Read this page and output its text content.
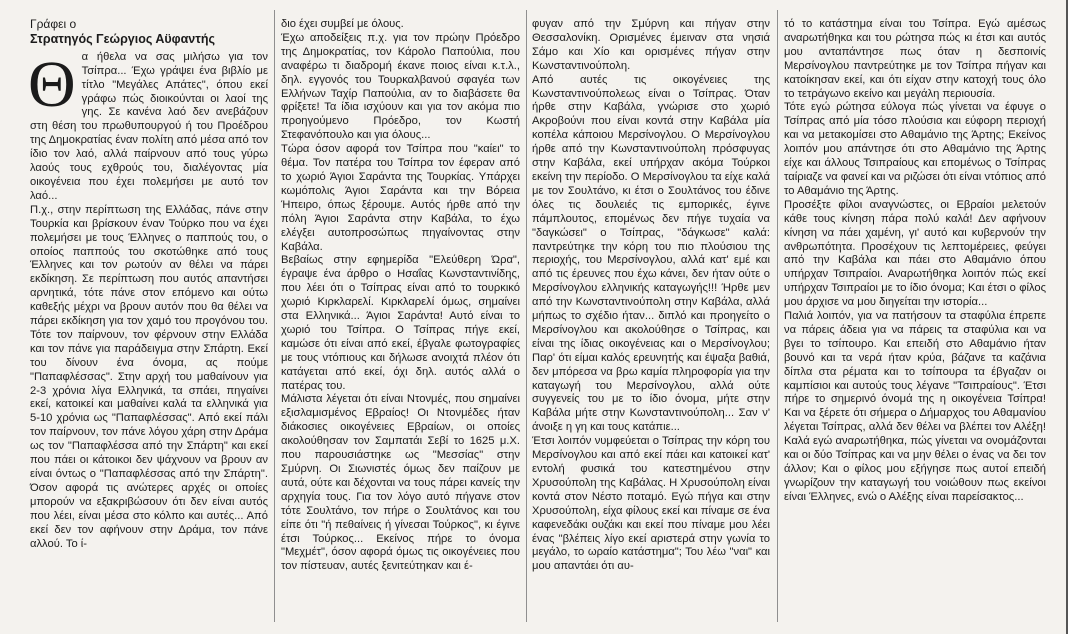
Γράφει ο
Στρατηγός Γεώργιος Αϋφαντής
Θ α ήθελα να σας μιλήσω για τον Τσίπρα... Έχω γράψει ένα βιβλίο με τίτλο "Μεγάλες Απάτες", όπου εκεί γράφω πώς διοικούνται οι λαοί της γης. Σε κανένα λαό δεν ανεβάζουν στη θέση του πρωθυπουργού ή του Προέδρου της Δημοκρατίας έναν πολίτη από μέσα από τον ίδιο τον λαό, αλλά παίρνουν από τους γύρω λαούς τους εχθρούς του, διαλέγοντας μία οικογένεια που έχει πολεμήσει με αυτό τον λαό...

Π.χ., στην περίπτωση της Ελλάδας, πάνε στην Τουρκία και βρίσκουν έναν Τούρκο που να έχει πολεμήσει με τους Έλληνες ο παππούς του, ο οποίος παππούς του σκοτώθηκε από τους Έλληνες και τον ρωτούν αν θέλει να πάρει εκδίκηση. Σε περίπτωση που αυτός απαντήσει αρνητικά, τότε πάνε στον επόμενο και ούτω καθεξής μέχρι να βρουν αυτόν που θα θέλει να πάρει εκδίκηση για τον χαμό του προγόνου του. Τότε τον παίρνουν, τον φέρνουν στην Ελλάδα και τον πάνε για παράδειγμα στην Σπάρτη. Εκεί του δίνουν ένα όνομα, ας πούμε "Παπαφλέσσας". Στην αρχή του μαθαίνουν για 2-3 χρόνια λίγα Ελληνικά, τα σπάει, πηγαίνει εκεί, κατοικεί και μαθαίνει καλά τα ελληνικά για 5-10 χρόνια ως "Παπαφλέσσας". Από εκεί πάλι τον παίρνουν, τον πάνε λόγου χάρη στην Δράμα ως τον "Παπαφλέσσα από την Σπάρτη" και εκεί που πάει οι κάτοικοι δεν ψάχνουν να βρουν αν είναι όντως ο "Παπαφλέσσας από την Σπάρτη". Όσον αφορά τις ανώτερες αρχές οι οποίες μπορούν να εξακριβώσουν ότι δεν είναι αυτός που λέει, είναι μέσα στο κόλπο και αυτές... Από εκεί δεν τον αφήνουν στην Δράμα, τον πάνε αλλού. Το ί-

διο έχει συμβεί με όλους.

Έχω αποδείξεις π.χ. για τον πρώην Πρόεδρο της Δημοκρατίας, τον Κάρολο Παπούλια, που αναφέρω τι διαδρομή έκανε ποιος είναι κ.τ.λ., δηλ. εγγονός του Τουρκαλβανού σφαγέα των Ελλήνων Ταχίρ Παπούλια, αν το διαβάσετε θα φρίξετε! Τα ίδια ισχύουν και για τον ακόμα πιο προηγούμενο Πρόεδρο, τον Κωστή Στεφανόπουλο και για όλους...

Τώρα όσον αφορά τον Τσίπρα που "καίει" το θέμα. Τον πατέρα του Τσίπρα τον έφεραν από το χωριό Άγιοι Σαράντα της Τουρκίας. Υπάρχει κωμόπολις Άγιοι Σαράντα και την Βόρεια Ήπειρο, όπως ξέρουμε. Αυτός ήρθε από την πόλη Άγιοι Σαράντα στην Καβάλα, το έχω ελέγξει αυτοπροσώπως πηγαίνοντας στην Καβάλα.

Βεβαίως στην εφημερίδα "Ελεύθερη Ώρα", έγραψε ένα άρθρο ο Ησαΐας Κωνσταντινίδης, που λέει ότι ο Τσίπρας είναι από το τουρκικό χωριό Κιρκλαρελί. Κιρκλαρελί όμως, σημαίνει στα Ελληνικά... Άγιοι Σαράντα! Αυτό είναι το χωριό του Τσίπρα. Ο Τσίπρας πήγε εκεί, καμώσε ότι είναι από εκεί, έβγαλε φωτογραφίες με τους ντόπιους και δήλωσε ανοιχτά πλέον ότι κατάγεται από εκεί, όχι δηλ. αυτός αλλά ο πατέρας του.

Μάλιστα λέγεται ότι είναι Ντονμές, που σημαίνει εξισλαμισμένος Εβραίος! Οι Ντονμέδες ήταν διάκοσιες οικογένειες Εβραίων, οι οποίες ακολούθησαν τον Σαμπατάι Σεβί το 1625 μ.Χ. που παρουσιάστηκε ως "Μεσσίας" στην Σμύρνη. Οι Σιωνιστές όμως δεν παίζουν με αυτά, ούτε και δέχονται να τους πάρει κανείς την αρχηγία τους. Για τον λόγο αυτό πήγανε στον τότε Σουλτάνο, τον πήρε ο Σουλτάνος και του είπε ότι "ή πεθαίνεις ή γίνεσαι Τούρκος", κι έγινε έτσι Τούρκος... Εκείνος πήρε το όνομα "Μεχμέτ", όσον αφορά όμως τις οικογένειες που τον πίστευαν, αυτές ξενιτεύτηκαν και έ-

φυγαν από την Σμύρνη και πήγαν στην Θεσσαλονίκη. Ορισμένες έμειναν στα νησιά Σάμο και Χίο και ορισμένες πήγαν στην Κωνσταντινούπολη.

Από αυτές τις οικογένειες της Κωνσταντινούπολεως είναι ο Τσίπρας. Όταν ήρθε στην Καβάλα, γνώρισε στο χωριό Ακροβούνι που είναι κοντά στην Καβάλα μία κοπέλα κάποιου Μερσίνογλου. Ο Μερσίνογλου ήρθε από την Κωνσταντινούπολη πρόσφυγας στην Καβάλα, εκεί υπήρχαν ακόμα Τούρκοι εκείνη την περίοδο. Ο Μερσίνογλου τα είχε καλά με τον Σουλτάνο, κι έτσι ο Σουλτάνος του έδινε όλες τις δουλειές τις εμπορικές, έγινε πάμπλουτος, επομένως δεν πήγε τυχαία να "δαγκώσει" ο Τσίπρας, "δάγκωσε" καλά: παντρεύτηκε την κόρη του πιο πλούσιου της περιοχής, του Μερσίνογλου, αλλά κατ' εμέ και από τις έρευνες που έχω κάνει, δεν ήταν ούτε ο Μερσίνογλου ελληνικής καταγωγής!!! Ήρθε μεν από την Κωνσταντινούπολη στην Καβάλα, αλλά μήπως το σχέδιο ήταν... διπλό και προηγείτο ο Μερσίνογλου και ακολούθησε ο Τσίπρας, και είναι της ίδιας οικογένειας και ο Μερσίνογλου; Παρ' ότι είμαι καλός ερευνητής και έψαξα βαθιά, δεν μπόρεσα να βρω καμία πληροφορία για την καταγωγή του Μερσίνογλου, αλλά ούτε συγγενείς του με το ίδιο όνομα, μήτε στην Καβάλα μήτε στην Κωνσταντινούπολη... Σαν ν' άνοιξε η γη και τους κατάπιε...

Έτσι λοιπόν νυμφεύεται ο Τσίπρας την κόρη του Μερσίνογλου και από εκεί πάει και κατοικεί κατ' εντολή φυσικά του κατεστημένου στην Χρυσούπολη της Καβάλας. Η Χρυσούπολη είναι κοντά στον Νέστο ποταμό. Εγώ πήγα και στην Χρυσούπολη, είχα φίλους εκεί και πίναμε σε ένα καφενεδάκι ουζάκι και εκεί που πίναμε μου λέει ένας "βλέπεις λίγο εκεί αριστερά στην γωνία το μεγάλο, το ωραίο κατάστημα"; Του λέω "ναι" και μου απαντάει ότι αυ-

τό το κατάστημα είναι του Τσίπρα. Εγώ αμέσως αναρωτήθηκα και του ρώτησα πώς κι έτσι και αυτός μου ανταπάντησε πως όταν η δεσποινίς Μερσίνογλου παντρεύτηκε με τον Τσίπρα πήγαν και κατοίκησαν εκεί, και ότι είχαν στην κατοχή τους όλο το τετράγωνο εκείνο και μεγάλη περιουσία.

Τότε εγώ ρώτησα εύλογα πώς γίνεται να έφυγε ο Τσίπρας από μία τόσο πλούσια και εύφορη περιοχή και να μετακομίσει στο Αθαμάνιο της Άρτης; Εκείνος λοιπόν μου απάντησε ότι στο Αθαμάνιο της Άρτης είχε και άλλους Τσιπραίους και επομένως ο Τσίπρας ταίριαζε να φανεί και να ριζώσει ότι είναι ντόπιος από το Αθαμάνιο της Άρτης.

Προσέξτε φίλοι αναγνώστες, οι Εβραίοι μελετούν κάθε τους κίνηση πάρα πολύ καλά! Δεν αφήνουν κίνηση να πάει χαμένη, γι' αυτό και κυβερνούν την ανθρωπότητα. Προσέχουν τις λεπτομέρειες, φεύγει από την Καβάλα και πάει στο Αθαμάνιο όπου υπήρχαν Τσιπραίοι. Αναρωτήθηκα λοιπόν πώς εκεί υπήρχαν Τσιπραίοι με το ίδιο όνομα; Και έτσι ο φίλος μου άρχισε να μου διηγείται την ιστορία...

Παλιά λοιπόν, για να πατήσουν τα σταφύλια έπρεπε να πάρεις άδεια για να πάρεις τα σταφύλια και να βγει το τσίπουρο. Και επειδή στο Αθαμάνιο ήταν βουνό και τα νερά ήταν κρύα, βάζανε τα καζάνια δίπλα στα ρέματα και το τσίπουρα τα έβγαζαν οι καμπίσιοι και αυτούς τους λέγανε "Τσιπραίους". Έτσι πήρε το σημερινό όνομά της η οικογένεια Τσίπρα! Και να ξέρετε ότι σήμερα ο Δήμαρχος του Αθαμανίου λέγεται Τσίπρας, αλλά δεν θέλει να βλέπει τον Αλέξη! Καλά εγώ αναρωτήθηκα, πώς γίνεται να ονομάζονται και οι δύο Τσίπρας και να μην θέλει ο ένας να δει τον άλλον; Και ο φίλος μου εξήγησε πως αυτοί επειδή γνωρίζουν την καταγωγή του νοιώθουν πως εκείνοι είναι Έλληνες, ενώ ο Αλέξης είναι παρείσακτος...
